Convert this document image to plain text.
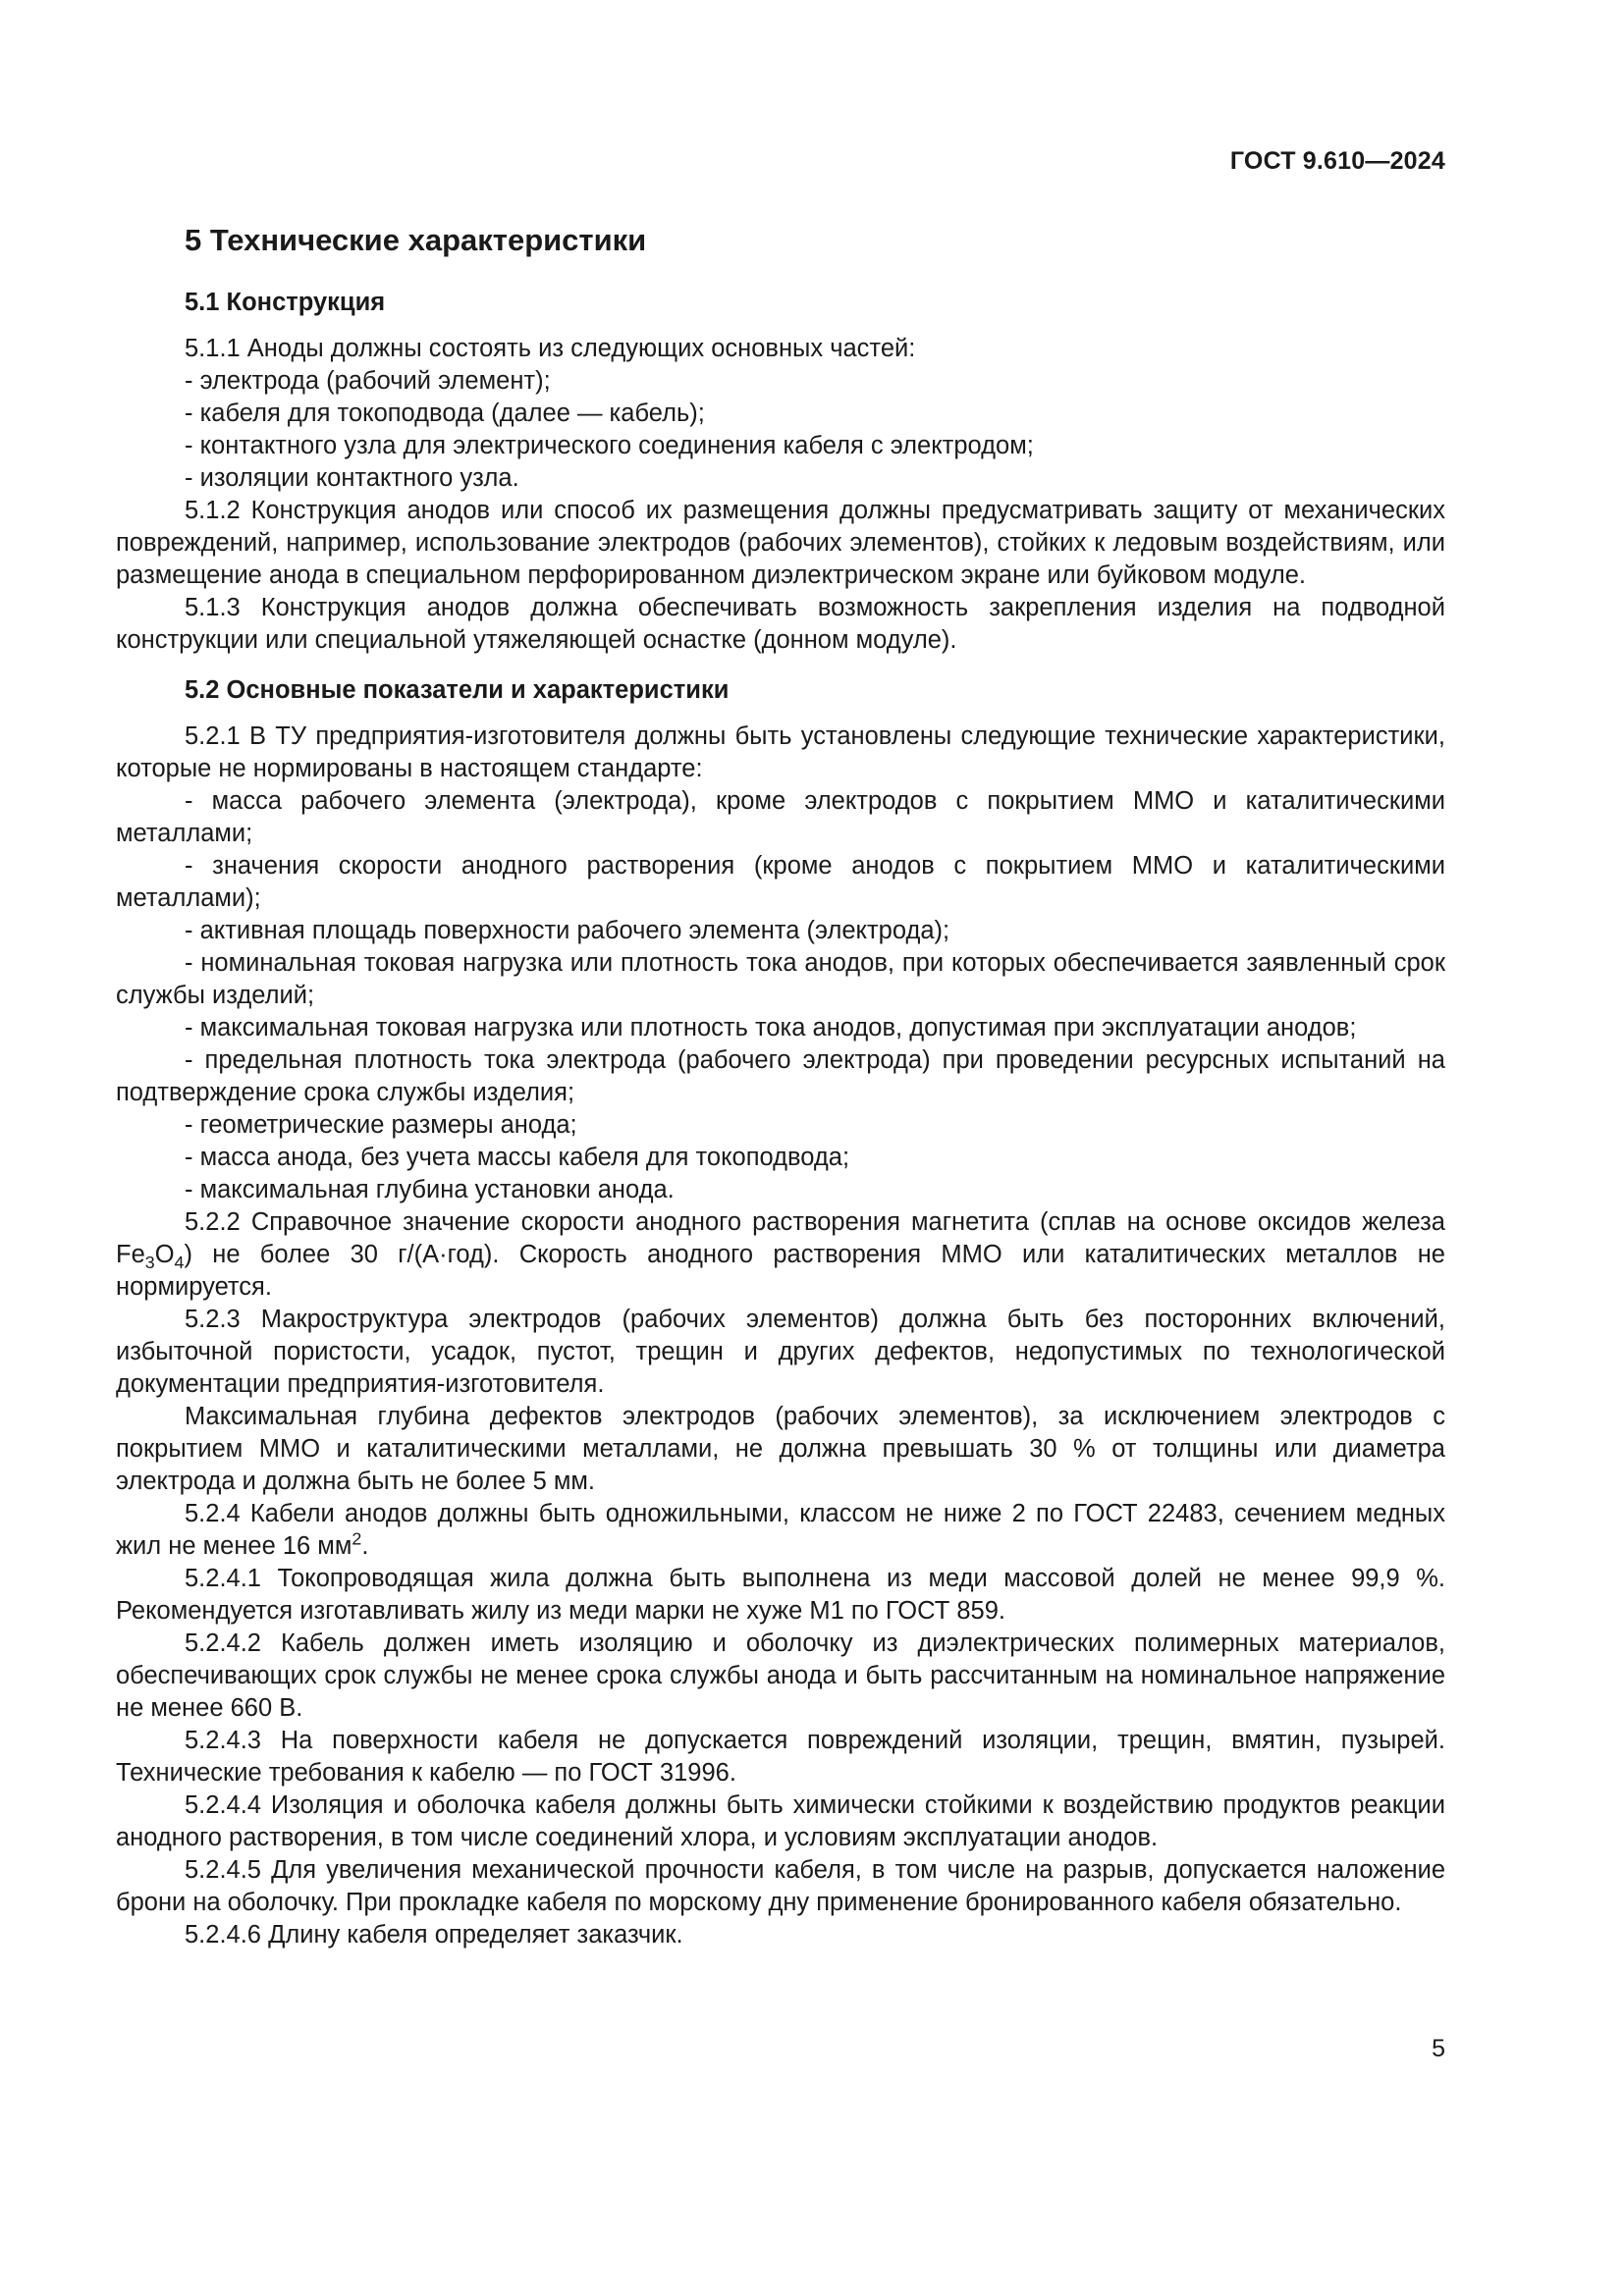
ГОСТ 9.610—2024
5 Технические характеристики
5.1 Конструкция

5.1.1 Аноды должны состоять из следующих основных частей:

- электрода (рабочий элемент);

- кабеля для токоподвода (далее — кабель);

- контактного узла для электрического соединения кабеля с электродом;

- изоляции контактного узла.

5.1.2 Конструкция анодов или способ их размещения должны предусматривать защиту от механических повреждений, например, использование электродов (рабочих элементов), стойких к ледовым воздействиям, или размещение анода в специальном перфорированном диэлектрическом экране или буйковом модуле.

5.1.3 Конструкция анодов должна обеспечивать возможность закрепления изделия на подводной конструкции или специальной утяжеляющей оснастке (донном модуле).

5.2 Основные показатели и характеристики

5.2.1 В ТУ предприятия-изготовителя должны быть установлены следующие технические характеристики, которые не нормированы в настоящем стандарте:

- масса рабочего элемента (электрода), кроме электродов с покрытием ММО и каталитическими металлами;

- значения скорости анодного растворения (кроме анодов с покрытием ММО и каталитическими металлами);

- активная площадь поверхности рабочего элемента (электрода);

- номинальная токовая нагрузка или плотность тока анодов, при которых обеспечивается заявленный срок службы изделий;

- максимальная токовая нагрузка или плотность тока анодов, допустимая при эксплуатации анодов;

- предельная плотность тока электрода (рабочего электрода) при проведении ресурсных испытаний на подтверждение срока службы изделия;

- геометрические размеры анода;

- масса анода, без учета массы кабеля для токоподвода;

- максимальная глубина установки анода.

5.2.2 Справочное значение скорости анодного растворения магнетита (сплав на основе оксидов железа $Fe_3O_4$) не более 30 г/(А·год). Скорость анодного растворения ММО или каталитических металлов не нормируется.

5.2.3 Макроструктура электродов (рабочих элементов) должна быть без посторонних включений, избыточной пористости, усадок, пустот, трещин и других дефектов, недопустимых по технологической документации предприятия-изготовителя.

Максимальная глубина дефектов электродов (рабочих элементов), за исключением электродов с покрытием ММО и каталитическими металлами, не должна превышать 30 % от толщины или диаметра электрода и должна быть не более 5 мм.

5.2.4 Кабели анодов должны быть одножильными, классом не ниже 2 по ГОСТ 22483, сечением медных жил не менее 16 $мм^2$.

5.2.4.1 Токопроводящая жила должна быть выполнена из меди массовой долей не менее 99,9 %. Рекомендуется изготавливать жилу из меди марки не хуже М1 по ГОСТ 859.

5.2.4.2 Кабель должен иметь изоляцию и оболочку из диэлектрических полимерных материалов, обеспечивающих срок службы не менее срока службы анода и быть рассчитанным на номинальное напряжение не менее 660 В.

5.2.4.3 На поверхности кабеля не допускается повреждений изоляции, трещин, вмятин, пузырей. Технические требования к кабелю — по ГОСТ 31996.

5.2.4.4 Изоляция и оболочка кабеля должны быть химически стойкими к воздействию продуктов реакции анодного растворения, в том числе соединений хлора, и условиям эксплуатации анодов.

5.2.4.5 Для увеличения механической прочности кабеля, в том числе на разрыв, допускается наложение брони на оболочку. При прокладке кабеля по морскому дну применение бронированного кабеля обязательно.

5.2.4.6 Длину кабеля определяет заказчик.

5
